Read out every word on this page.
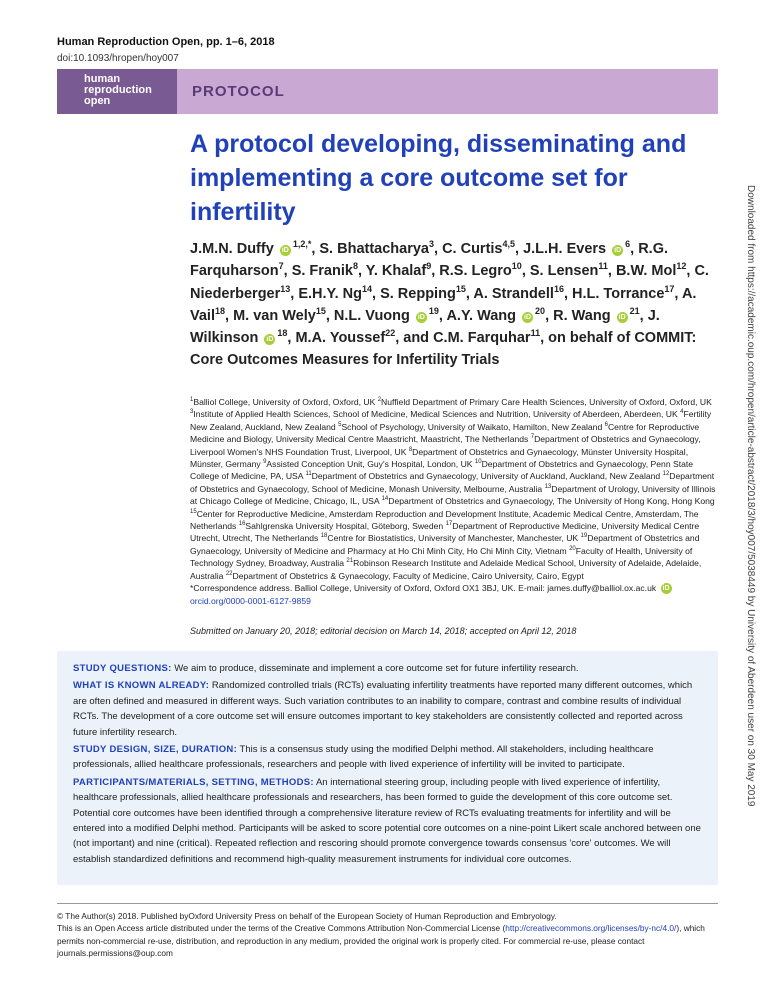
Human Reproduction Open, pp. 1–6, 2018
doi:10.1093/hropen/hoy007
human
reproduction
open
PROTOCOL
A protocol developing, disseminating and implementing a core outcome set for infertility

J.M.N. Duffy $iD^{1,2,*}$, S. Bhattacharya$^3$, C. Curtis$^{4,5}$, J.L.H. Evers $iD^6$, R.G. Farquharson$^7$, S. Franik$^8$, Y. Khalaf$^9$, R.S. Legro$^{10}$, S. Lensen$^{11}$, B.W. Mol$^{12}$, C. Niederberger$^{13}$, E.H.Y. Ng$^{14}$, S. Repping$^{15}$, A. Strandell$^{16}$, H.L. Torrance$^{17}$, A. Vail$^{18}$, M. van Wely$^{15}$, N.L. Vuong $iD^{19}$, A.Y. Wang $iD^{20}$, R. Wang $iD^{21}$, J. Wilkinson $iD^{18}$, M.A. Youssef$^{22}$, and C.M. Farquhar$^{11}$, on behalf of COMMIT: Core Outcomes Measures for Infertility Trials

$^1$Balliol College, University of Oxford, Oxford, UK $^2$Nuffield Department of Primary Care Health Sciences, University of Oxford, Oxford, UK $^3$Institute of Applied Health Sciences, School of Medicine, Medical Sciences and Nutrition, University of Aberdeen, Aberdeen, UK $^4$Fertility New Zealand, Auckland, New Zealand $^5$School of Psychology, University of Waikato, Hamilton, New Zealand $^6$Centre for Reproductive Medicine and Biology, University Medical Centre Maastricht, Maastricht, The Netherlands $^7$Department of Obstetrics and Gynaecology, Liverpool Women's NHS Foundation Trust, Liverpool, UK $^8$Department of Obstetrics and Gynaecology, Münster University Hospital, Münster, Germany $^9$Assisted Conception Unit, Guy's Hospital, London, UK $^{10}$Department of Obstetrics and Gynaecology, Penn State College of Medicine, PA, USA $^{11}$Department of Obstetrics and Gynaecology, University of Auckland, Auckland, New Zealand $^{12}$Department of Obstetrics and Gynaecology, School of Medicine, Monash University, Melbourne, Australia $^{13}$Department of Urology, University of Illinois at Chicago College of Medicine, Chicago, IL, USA $^{14}$Department of Obstetrics and Gynaecology, The University of Hong Kong, Hong Kong $^{15}$Center for Reproductive Medicine, Amsterdam Reproduction and Development Institute, Academic Medical Centre, Amsterdam, The Netherlands $^{16}$Sahlgrenska University Hospital, Göteborg, Sweden $^{17}$Department of Reproductive Medicine, University Medical Centre Utrecht, Utrecht, The Netherlands $^{18}$Centre for Biostatistics, University of Manchester, Manchester, UK $^{19}$Department of Obstetrics and Gynaecology, University of Medicine and Pharmacy at Ho Chi Minh City, Ho Chi Minh City, Vietnam $^{20}$Faculty of Health, University of Technology Sydney, Broadway, Australia $^{21}$Robinson Research Institute and Adelaide Medical School, University of Adelaide, Adelaide, Australia $^{22}$Department of Obstetrics & Gynaecology, Faculty of Medicine, Cairo University, Cairo, Egypt

*Correspondence address. Balliol College, University of Oxford, Oxford OX1 3BJ, UK. E-mail: james.duffy@balliol.ox.ac.uk iD orcid.org/0000-0001-6127-9859

Submitted on January 20, 2018; editorial decision on March 14, 2018; accepted on April 12, 2018

STUDY QUESTIONS: We aim to produce, disseminate and implement a core outcome set for future infertility research.

WHAT IS KNOWN ALREADY: Randomized controlled trials (RCTs) evaluating infertility treatments have reported many different outcomes, which are often defined and measured in different ways. Such variation contributes to an inability to compare, contrast and combine results of individual RCTs. The development of a core outcome set will ensure outcomes important to key stakeholders are consistently collected and reported across future infertility research.

STUDY DESIGN, SIZE, DURATION: This is a consensus study using the modified Delphi method. All stakeholders, including healthcare professionals, allied healthcare professionals, researchers and people with lived experience of infertility will be invited to participate.

PARTICIPANTS/MATERIALS, SETTING, METHODS: An international steering group, including people with lived experience of infertility, healthcare professionals, allied healthcare professionals and researchers, has been formed to guide the development of this core outcome set. Potential core outcomes have been identified through a comprehensive literature review of RCTs evaluating treatments for infertility and will be entered into a modified Delphi method. Participants will be asked to score potential core outcomes on a nine-point Likert scale anchored between one (not important) and nine (critical). Repeated reflection and rescoring should promote convergence towards consensus 'core' outcomes. We will establish standardized definitions and recommend high-quality measurement instruments for individual core outcomes.

© The Author(s) 2018. Published byOxford University Press on behalf of the European Society of Human Reproduction and Embryology.
This is an Open Access article distributed under the terms of the Creative Commons Attribution Non-Commercial License (http://creativecommons.org/licenses/by-nc/4.0/), which permits non-commercial re-use, distribution, and reproduction in any medium, provided the original work is properly cited. For commercial re-use, please contact journals.permissions@oup.com

Downloaded from https://academic.oup.com/hropen/article-abstract/2018/3/hoy007/5038449 by University of Aberdeen user on 30 May 2019
